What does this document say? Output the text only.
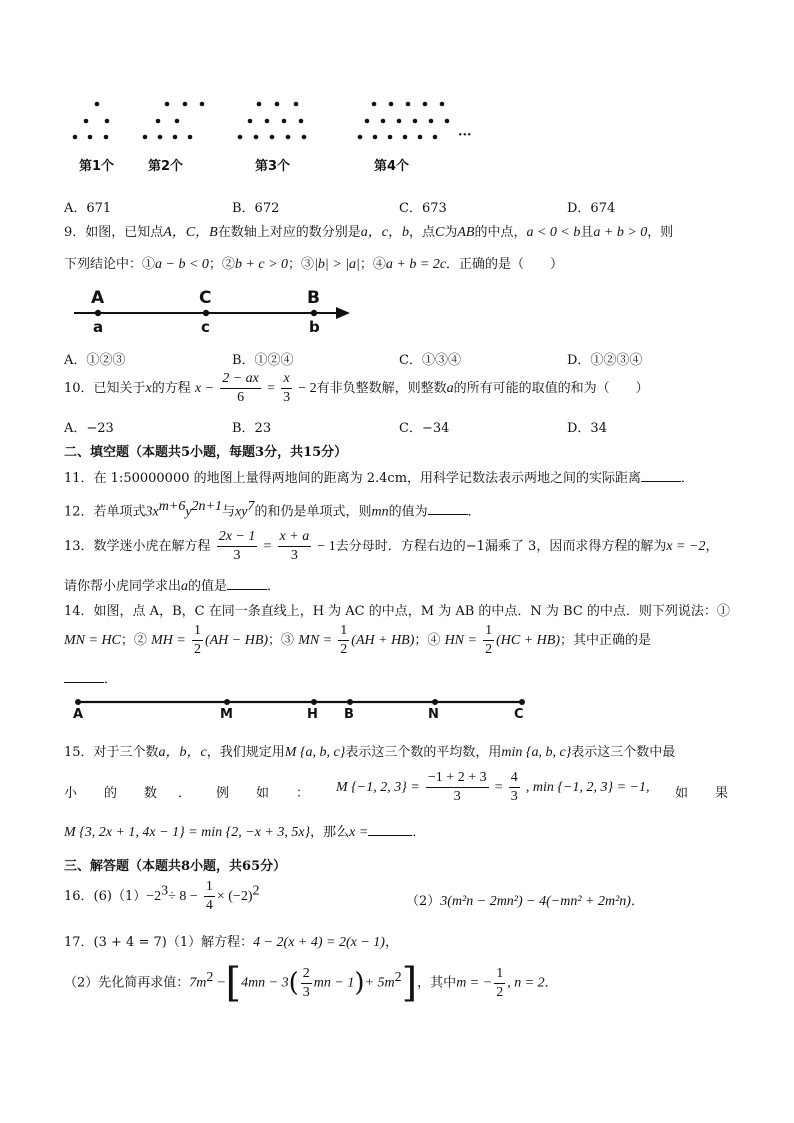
···
第1个	第2个	第3个	第4个
A．671	B．672	C．673	D．674
9．如图，已知点A，C，B在数轴上对应的数分别是a，c，b，点C为AB的中点，a < 0 < b且a + b > 0，则
下列结论中：①a − b < 0；②b + c > 0；③|b| > |a|；④a + b = 2c．正确的是（　　）
A	C	B
a	c	b
A．①②③	B．①②④	C．①③④	D．①②③④
10．已知关于x的方程 $x - \frac{2 - ax}{6} = \frac{x}{3} - 2$有非负整数解，则整数a的所有可能的取值的和为（　　）
A．−23	B．23	C．−34	D．34
二、填空题（本题共5小题，每题3分，共15分）
11．在 1:50000000 的地图上量得两地间的距离为 2.4cm，用科学记数法表示两地之间的实际距离	．
12．若单项式$3x^{m+6}y^{2n+1}$与$xy^7$的和仍是单项式，则mn的值为	．
13．数学迷小虎在解方程 $\frac{2x - 1}{3} = \frac{x + a}{3} - 1$去分母时．方程右边的−1漏乘了 3，因而求得方程的解为x = −2，
请你帮小虎同学求出a的值是	．
14．如图，点 A，B，C 在同一条直线上，H 为 AC 的中点，M 为 AB 的中点．N 为 BC 的中点．则下列说法：①
MN = HC；② MH = $\frac{1}{2} (AH - HB)$；③ MN = $\frac{1}{2} (AH + HB)$；④ HN = $\frac{1}{2} (HC + HB)$；其中正确的是
．
A	M	H B	N	C
15．对于三个数a，b，c，我们规定用M {a, b, c}表示这三个数的平均数，用min {a, b, c}表示这三个数中最
小 的 数 ． 例 如 ： M {−1, 2, $3\} = \frac{-1 + 2 + 3}{3} = \frac{4}{3}$ , min {−1, 2, 3} = −1, 如 果
M {3, 2x + 1, 4x − 1} = min {2, −x + 3, 5x}，那么x =	．
三、解答题（本题共8小题，共65分）
16．$(6)(1)-2^3\div 8 - \frac{1}{4} \times (-2)^2$
（2）3(m²n − 2mn²) − 4(−mn² + 2m²n)．
17．(3 + 4 = 7)（1）解方程：4 − 2(x + 4) = 2(x − 1)，
（2）先化简再求值：$7m^2 -[4mn - 3( \frac{2}{3}$ mn − $1)+ 5m^2$]，其中m = − $\frac{1}{2}$ , n = 2．
